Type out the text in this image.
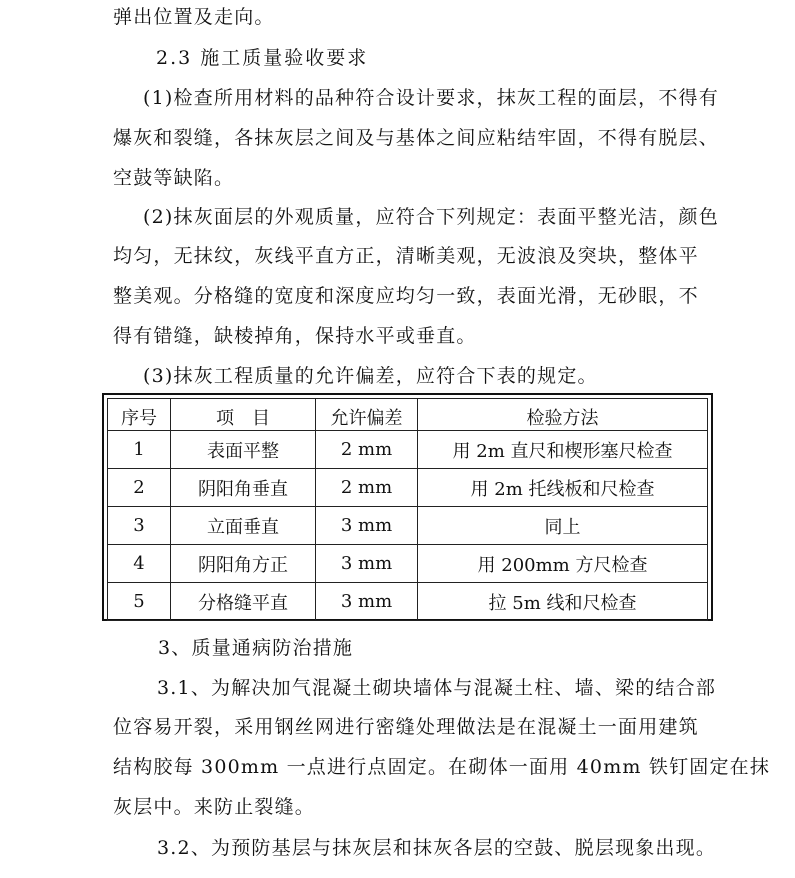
弹出位置及走向。
2.3 施工质量验收要求
(1)检查所用材料的品种符合设计要求，抹灰工程的面层，不得有
爆灰和裂缝，各抹灰层之间及与基体之间应粘结牢固，不得有脱层、
空鼓等缺陷。
(2)抹灰面层的外观质量，应符合下列规定：表面平整光洁，颜色
均匀，无抹纹，灰线平直方正，清晰美观，无波浪及突块，整体平
整美观。分格缝的宽度和深度应均匀一致，表面光滑，无砂眼，不
得有错缝，缺棱掉角，保持水平或垂直。
(3)抹灰工程质量的允许偏差，应符合下表的规定。
序号	项　目	允许偏差	检验方法
1	表面平整	2 mm	用 2m 直尺和楔形塞尺检查
2	阴阳角垂直	2 mm	用 2m 托线板和尺检查
3	立面垂直	3 mm	同上
4	阴阳角方正	3 mm	用 200mm 方尺检查
5	分格缝平直	3 mm	拉 5m 线和尺检查
3、质量通病防治措施
3.1、为解决加气混凝土砌块墙体与混凝土柱、墙、梁的结合部
位容易开裂，采用钢丝网进行密缝处理做法是在混凝土一面用建筑
结构胶每 300mm 一点进行点固定。在砌体一面用 40mm 铁钉固定在抹
灰层中。来防止裂缝。
3.2、为预防基层与抹灰层和抹灰各层的空鼓、脱层现象出现。
